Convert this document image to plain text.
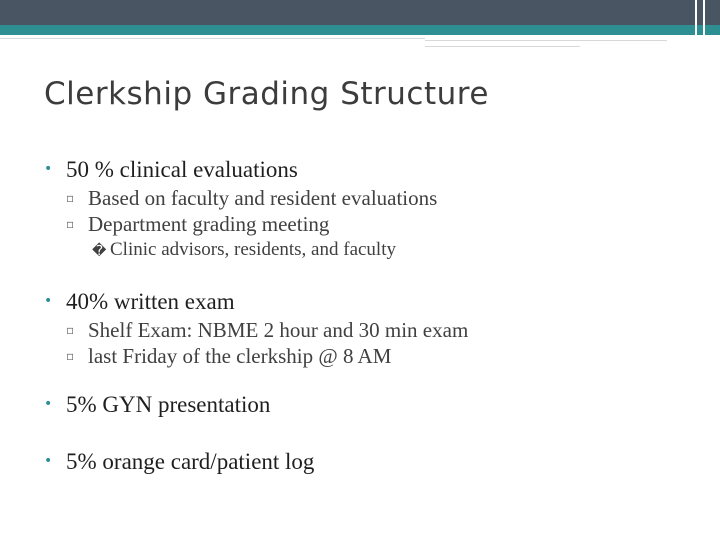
Clerkship Grading Structure
• 50 % clinical evaluations
▫ Based on faculty and resident evaluations
▫ Department grading meeting
� Clinic advisors, residents, and faculty
• 40% written exam
▫ Shelf Exam: NBME 2 hour and 30 min exam
▫ last Friday of the clerkship @ 8 AM
• 5% GYN presentation
• 5% orange card/patient log
